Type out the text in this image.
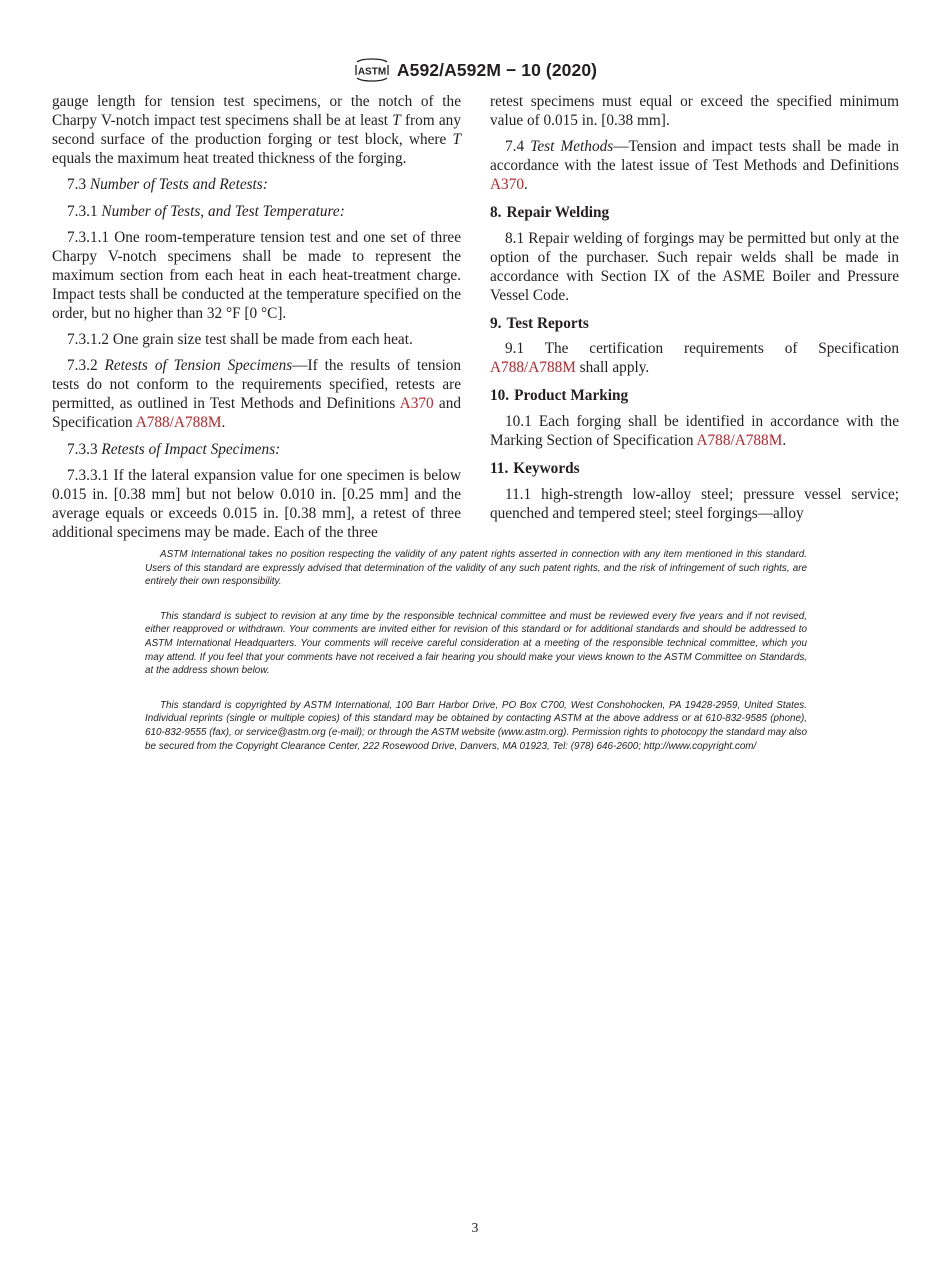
ASTM A592/A592M − 10 (2020)

gauge length for tension test specimens, or the notch of the Charpy V-notch impact test specimens shall be at least T from any second surface of the production forging or test block, where T equals the maximum heat treated thickness of the forging.

7.3 Number of Tests and Retests:

7.3.1 Number of Tests, and Test Temperature:

7.3.1.1 One room-temperature tension test and one set of three Charpy V-notch specimens shall be made to represent the maximum section from each heat in each heat-treatment charge. Impact tests shall be conducted at the temperature specified on the order, but no higher than 32 °F [0 °C].

7.3.1.2 One grain size test shall be made from each heat.

7.3.2 Retests of Tension Specimens—If the results of tension tests do not conform to the requirements specified, retests are permitted, as outlined in Test Methods and Definitions A370 and Specification A788/A788M.

7.3.3 Retests of Impact Specimens:

7.3.3.1 If the lateral expansion value for one specimen is below 0.015 in. [0.38 mm] but not below 0.010 in. [0.25 mm] and the average equals or exceeds 0.015 in. [0.38 mm], a retest of three additional specimens may be made. Each of the three

retest specimens must equal or exceed the specified minimum value of 0.015 in. [0.38 mm].

7.4 Test Methods—Tension and impact tests shall be made in accordance with the latest issue of Test Methods and Definitions A370.

8. Repair Welding

8.1 Repair welding of forgings may be permitted but only at the option of the purchaser. Such repair welds shall be made in accordance with Section IX of the ASME Boiler and Pressure Vessel Code.

9. Test Reports

9.1 The certification requirements of Specification A788/A788M shall apply.

10. Product Marking

10.1 Each forging shall be identified in accordance with the Marking Section of Specification A788/A788M.

11. Keywords

11.1 high-strength low-alloy steel; pressure vessel service; quenched and tempered steel; steel forgings—alloy

ASTM International takes no position respecting the validity of any patent rights asserted in connection with any item mentioned in this standard. Users of this standard are expressly advised that determination of the validity of any such patent rights, and the risk of infringement of such rights, are entirely their own responsibility.

This standard is subject to revision at any time by the responsible technical committee and must be reviewed every five years and if not revised, either reapproved or withdrawn. Your comments are invited either for revision of this standard or for additional standards and should be addressed to ASTM International Headquarters. Your comments will receive careful consideration at a meeting of the responsible technical committee, which you may attend. If you feel that your comments have not received a fair hearing you should make your views known to the ASTM Committee on Standards, at the address shown below.

This standard is copyrighted by ASTM International, 100 Barr Harbor Drive, PO Box C700, West Conshohocken, PA 19428-2959, United States. Individual reprints (single or multiple copies) of this standard may be obtained by contacting ASTM at the above address or at 610-832-9585 (phone), 610-832-9555 (fax), or service@astm.org (e-mail); or through the ASTM website (www.astm.org). Permission rights to photocopy the standard may also be secured from the Copyright Clearance Center, 222 Rosewood Drive, Danvers, MA 01923, Tel: (978) 646-2600; http://www.copyright.com/

3
